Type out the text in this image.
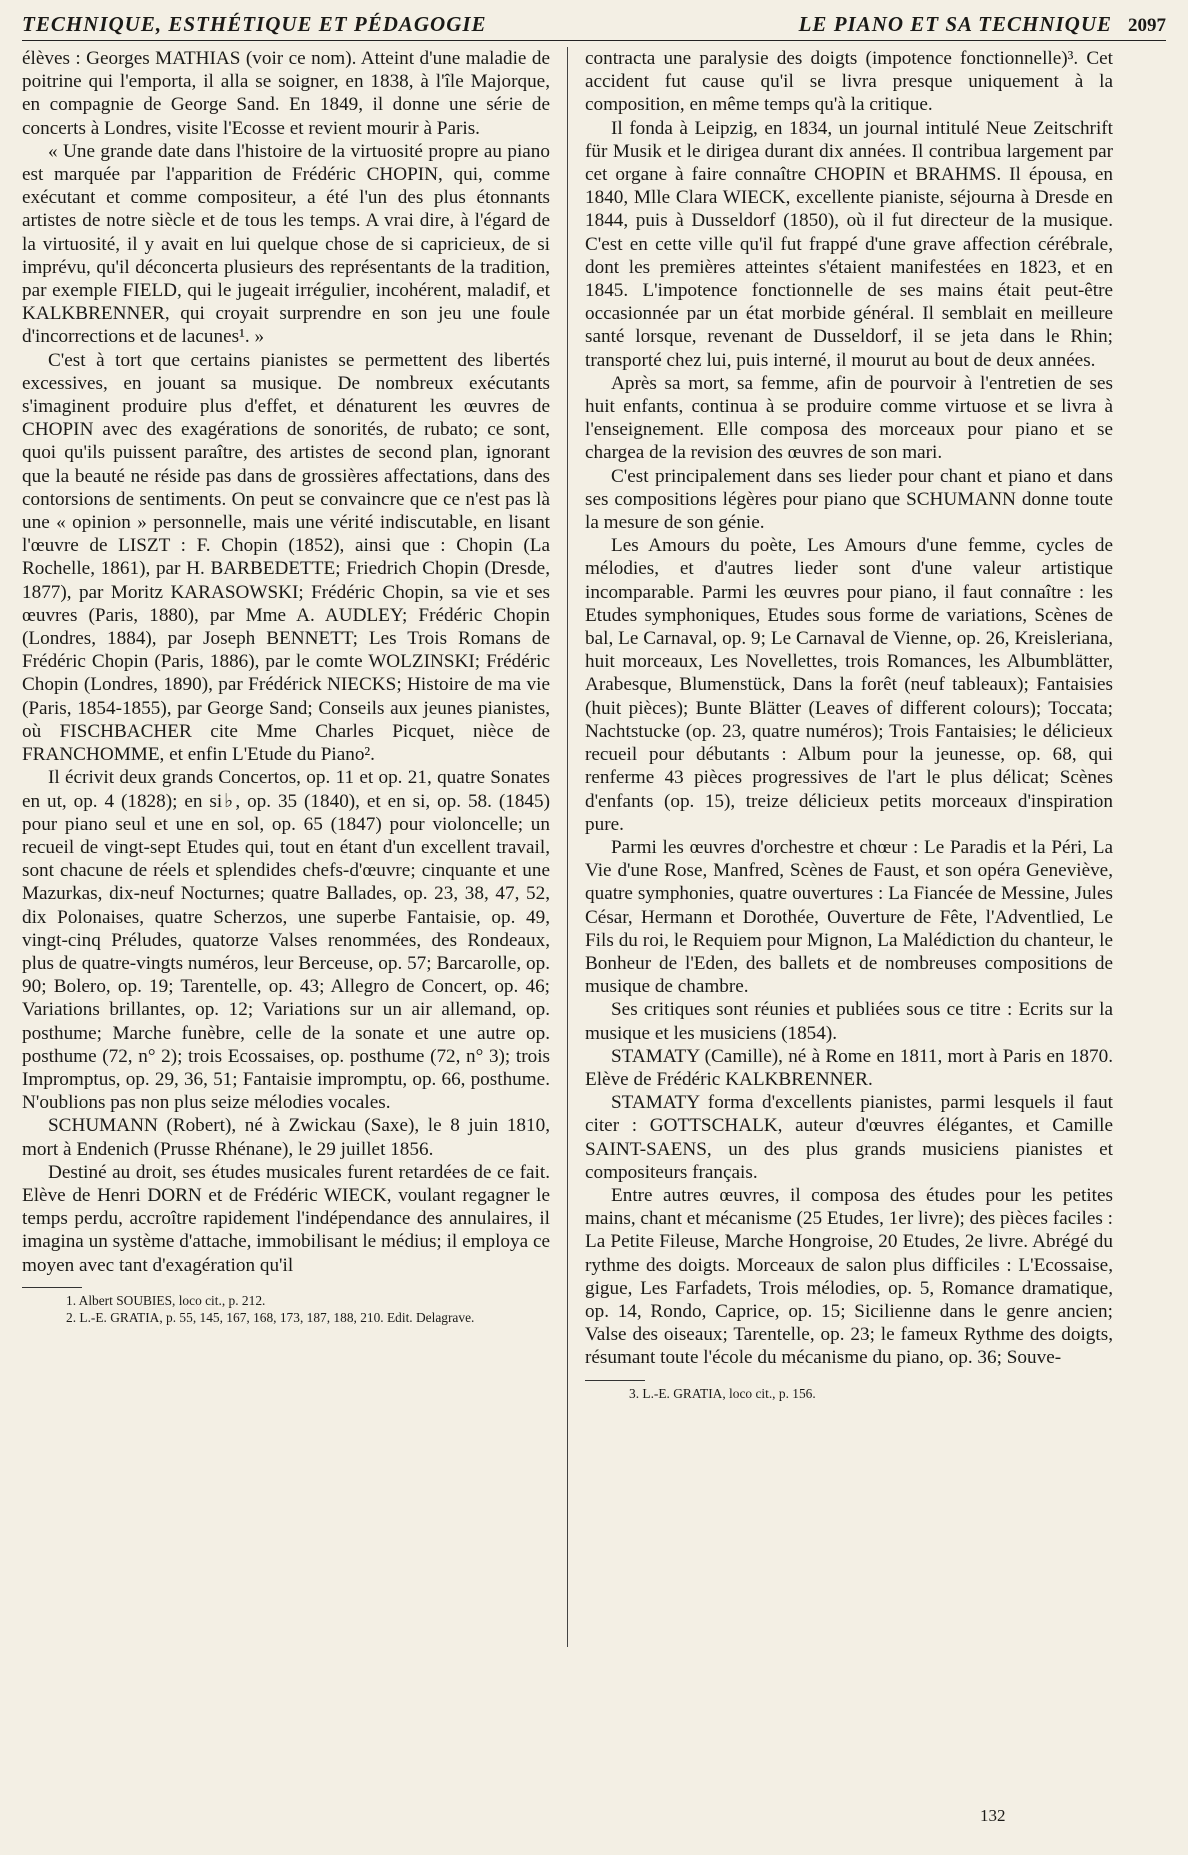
TECHNIQUE, ESTHÉTIQUE ET PÉDAGOGIE	LE PIANO ET SA TECHNIQUE 2097

élèves : Georges MATHIAS (voir ce nom). Atteint d'une maladie de poitrine qui l'emporta, il alla se soigner, en 1838, à l'île Majorque, en compagnie de George Sand. En 1849, il donne une série de concerts à Londres, visite l'Ecosse et revient mourir à Paris.

« Une grande date dans l'histoire de la virtuosité propre au piano est marquée par l'apparition de Frédéric CHOPIN, qui, comme exécutant et comme compositeur, a été l'un des plus étonnants artistes de notre siècle et de tous les temps. A vrai dire, à l'égard de la virtuosité, il y avait en lui quelque chose de si capricieux, de si imprévu, qu'il déconcerta plusieurs des représentants de la tradition, par exemple FIELD, qui le jugeait irrégulier, incohérent, maladif, et KALKBRENNER, qui croyait surprendre en son jeu une foule d'incorrections et de lacunes¹. »

C'est à tort que certains pianistes se permettent des libertés excessives, en jouant sa musique. De nombreux exécutants s'imaginent produire plus d'effet, et dénaturent les œuvres de CHOPIN avec des exagérations de sonorités, de rubato; ce sont, quoi qu'ils puissent paraître, des artistes de second plan, ignorant que la beauté ne réside pas dans de grossières affectations, dans des contorsions de sentiments. On peut se convaincre que ce n'est pas là une « opinion » personnelle, mais une vérité indiscutable, en lisant l'œuvre de LISZT : F. Chopin (1852), ainsi que : Chopin (La Rochelle, 1861), par H. BARBEDETTE; Friedrich Chopin (Dresde, 1877), par Moritz KARASOWSKI; Frédéric Chopin, sa vie et ses œuvres (Paris, 1880), par Mme A. AUDLEY; Frédéric Chopin (Londres, 1884), par Joseph BENNETT; Les Trois Romans de Frédéric Chopin (Paris, 1886), par le comte WOLZINSKI; Frédéric Chopin (Londres, 1890), par Frédérick NIECKS; Histoire de ma vie (Paris, 1854-1855), par George Sand; Conseils aux jeunes pianistes, où FISCHBACHER cite Mme Charles Picquet, nièce de FRANCHOMME, et enfin L'Etude du Piano².

Il écrivit deux grands Concertos, op. 11 et op. 21, quatre Sonates en ut, op. 4 (1828); en si♭, op. 35 (1840), et en si, op. 58. (1845) pour piano seul et une en sol, op. 65 (1847) pour violoncelle; un recueil de vingt-sept Etudes qui, tout en étant d'un excellent travail, sont chacune de réels et splendides chefs-d'œuvre; cinquante et une Mazurkas, dix-neuf Nocturnes; quatre Ballades, op. 23, 38, 47, 52, dix Polonaises, quatre Scherzos, une superbe Fantaisie, op. 49, vingt-cinq Préludes, quatorze Valses renommées, des Rondeaux, plus de quatre-vingts numéros, leur Berceuse, op. 57; Barcarolle, op. 90; Bolero, op. 19; Tarentelle, op. 43; Allegro de Concert, op. 46; Variations brillantes, op. 12; Variations sur un air allemand, op. posthume; Marche funèbre, celle de la sonate et une autre op. posthume (72, n° 2); trois Ecossaises, op. posthume (72, n° 3); trois Impromptus, op. 29, 36, 51; Fantaisie impromptu, op. 66, posthume. N'oublions pas non plus seize mélodies vocales.

SCHUMANN (Robert), né à Zwickau (Saxe), le 8 juin 1810, mort à Endenich (Prusse Rhénane), le 29 juillet 1856.

Destiné au droit, ses études musicales furent retardées de ce fait. Elève de Henri DORN et de Frédéric WIECK, voulant regagner le temps perdu, accroître rapidement l'indépendance des annulaires, il imagina un système d'attache, immobilisant le médius; il employa ce moyen avec tant d'exagération qu'il

1. Albert SOUBIES, loco cit., p. 212.

2. L.-E. GRATIA, p. 55, 145, 167, 168, 173, 187, 188, 210. Edit. Delagrave.

contracta une paralysie des doigts (impotence fonctionnelle)³. Cet accident fut cause qu'il se livra presque uniquement à la composition, en même temps qu'à la critique.

Il fonda à Leipzig, en 1834, un journal intitulé Neue Zeitschrift für Musik et le dirigea durant dix années. Il contribua largement par cet organe à faire connaître CHOPIN et BRAHMS. Il épousa, en 1840, Mlle Clara WIECK, excellente pianiste, séjourna à Dresde en 1844, puis à Dusseldorf (1850), où il fut directeur de la musique. C'est en cette ville qu'il fut frappé d'une grave affection cérébrale, dont les premières atteintes s'étaient manifestées en 1823, et en 1845. L'impotence fonctionnelle de ses mains était peut-être occasionnée par un état morbide général. Il semblait en meilleure santé lorsque, revenant de Dusseldorf, il se jeta dans le Rhin; transporté chez lui, puis interné, il mourut au bout de deux années.

Après sa mort, sa femme, afin de pourvoir à l'entretien de ses huit enfants, continua à se produire comme virtuose et se livra à l'enseignement. Elle composa des morceaux pour piano et se chargea de la revision des œuvres de son mari.

C'est principalement dans ses lieder pour chant et piano et dans ses compositions légères pour piano que SCHUMANN donne toute la mesure de son génie.

Les Amours du poète, Les Amours d'une femme, cycles de mélodies, et d'autres lieder sont d'une valeur artistique incomparable. Parmi les œuvres pour piano, il faut connaître : les Etudes symphoniques, Etudes sous forme de variations, Scènes de bal, Le Carnaval, op. 9; Le Carnaval de Vienne, op. 26, Kreisleriana, huit morceaux, Les Novellettes, trois Romances, les Albumblätter, Arabesque, Blumenstück, Dans la forêt (neuf tableaux); Fantaisies (huit pièces); Bunte Blätter (Leaves of different colours); Toccata; Nachtstucke (op. 23, quatre numéros); Trois Fantaisies; le délicieux recueil pour débutants : Album pour la jeunesse, op. 68, qui renferme 43 pièces progressives de l'art le plus délicat; Scènes d'enfants (op. 15), treize délicieux petits morceaux d'inspiration pure.

Parmi les œuvres d'orchestre et chœur : Le Paradis et la Péri, La Vie d'une Rose, Manfred, Scènes de Faust, et son opéra Geneviève, quatre symphonies, quatre ouvertures : La Fiancée de Messine, Jules César, Hermann et Dorothée, Ouverture de Fête, l'Adventlied, Le Fils du roi, le Requiem pour Mignon, La Malédiction du chanteur, le Bonheur de l'Eden, des ballets et de nombreuses compositions de musique de chambre.

Ses critiques sont réunies et publiées sous ce titre : Ecrits sur la musique et les musiciens (1854).

STAMATY (Camille), né à Rome en 1811, mort à Paris en 1870. Elève de Frédéric KALKBRENNER.

STAMATY forma d'excellents pianistes, parmi lesquels il faut citer : GOTTSCHALK, auteur d'œuvres élégantes, et Camille SAINT-SAENS, un des plus grands musiciens pianistes et compositeurs français.

Entre autres œuvres, il composa des études pour les petites mains, chant et mécanisme (25 Etudes, 1er livre); des pièces faciles : La Petite Fileuse, Marche Hongroise, 20 Etudes, 2e livre. Abrégé du rythme des doigts. Morceaux de salon plus difficiles : L'Ecossaise, gigue, Les Farfadets, Trois mélodies, op. 5, Romance dramatique, op. 14, Rondo, Caprice, op. 15; Sicilienne dans le genre ancien; Valse des oiseaux; Tarentelle, op. 23; le fameux Rythme des doigts, résumant toute l'école du mécanisme du piano, op. 36; Souve-

3. L.-E. GRATIA, loco cit., p. 156.

132
